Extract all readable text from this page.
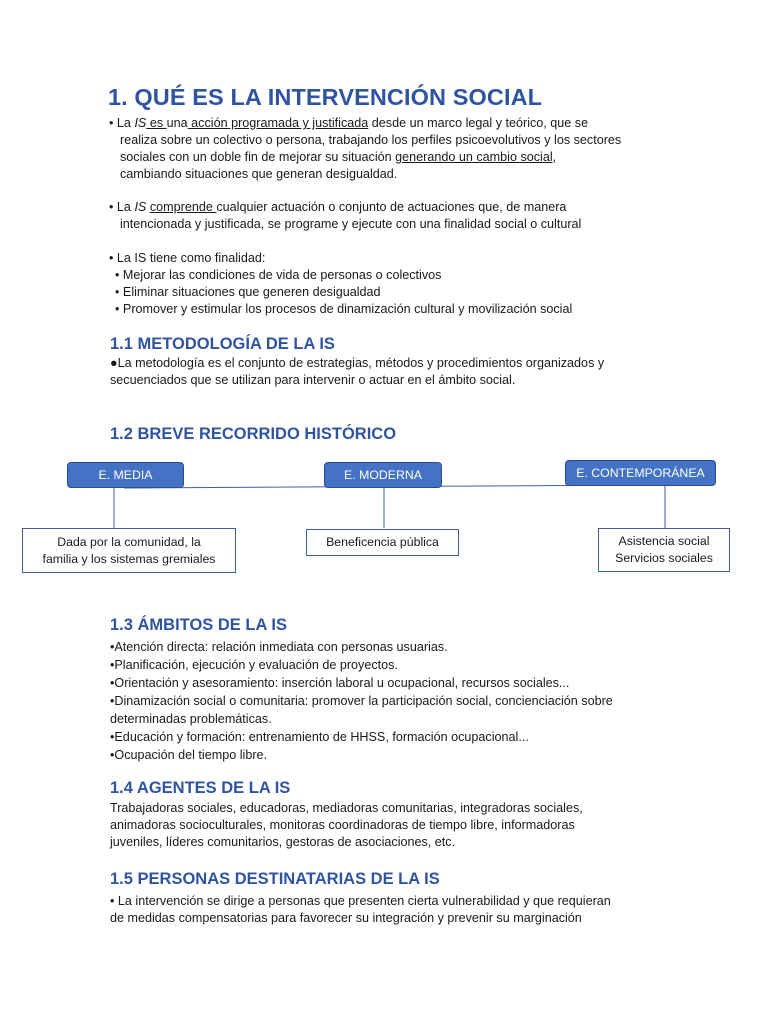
1. QUÉ ES LA INTERVENCIÓN SOCIAL
• La IS es una acción programada y justificada desde un marco legal y teórico, que se
realiza sobre un colectivo o persona, trabajando los perfiles psicoevolutivos y los sectores
sociales con un doble fin de mejorar su situación generando un cambio social,
cambiando situaciones que generan desigualdad.
• La IS comprende cualquier actuación o conjunto de actuaciones que, de manera
intencionada y justificada, se programe y ejecute con una finalidad social o cultural
• La IS tiene como finalidad:
• Mejorar las condiciones de vida de personas o colectivos
• Eliminar situaciones que generen desigualdad
• Promover y estimular los procesos de dinamización cultural y movilización social
1.1 METODOLOGÍA DE LA IS
●La metodología es el conjunto de estrategias, métodos y procedimientos organizados y
secuenciados que se utilizan para intervenir o actuar en el ámbito social.
1.2 BREVE RECORRIDO HISTÓRICO
E. MEDIA	E. MODERNA	E. CONTEMPORÁNEA
Dada por la comunidad, la
familia y los sistemas gremiales
Beneficencia pública	Asistencia social
Servicios sociales
1.3 ÁMBITOS DE LA IS
•Atención directa: relación inmediata con personas usuarias.
•Planificación, ejecución y evaluación de proyectos.
•Orientación y asesoramiento: inserción laboral u ocupacional, recursos sociales...
•Dinamización social o comunitaria: promover la participación social, concienciación sobre
determinadas problemáticas.
•Educación y formación: entrenamiento de HHSS, formación ocupacional...
•Ocupación del tiempo libre.
1.4 AGENTES DE LA IS
Trabajadoras sociales, educadoras, mediadoras comunitarias, integradoras sociales,
animadoras socioculturales, monitoras coordinadoras de tiempo libre, informadoras
juveniles, líderes comunitarios, gestoras de asociaciones, etc.
1.5 PERSONAS DESTINATARIAS DE LA IS
• La intervención se dirige a personas que presenten cierta vulnerabilidad y que requieran
de medidas compensatorias para favorecer su integración y prevenir su marginación
